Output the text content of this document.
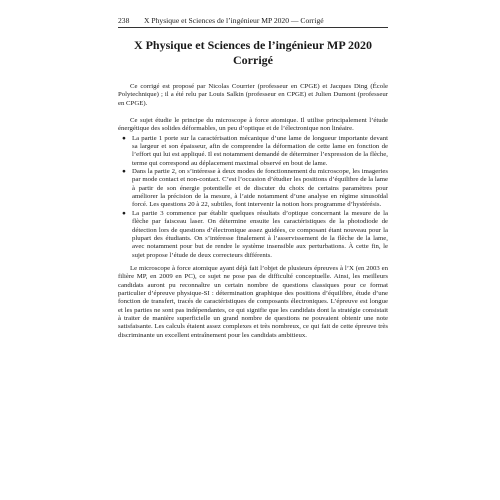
238 X Physique et Sciences de l’ingénieur MP 2020 — Corrigé
X Physique et Sciences de l’ingénieur MP 2020
Corrigé

Ce corrigé est proposé par Nicolas Courrier (professeur en CPGE) et Jacques Ding (École Polytechnique) ; il a été relu par Louis Salkin (professeur en CPGE) et Julien Dumont (professeur en CPGE).

Ce sujet étudie le principe du microscope à force atomique. Il utilise principalement l’étude énergétique des solides déformables, un peu d’optique et de l’électronique non linéaire.

● La partie 1 porte sur la caractérisation mécanique d’une lame de longueur importante devant sa largeur et son épaisseur, afin de comprendre la déformation de cette lame en fonction de l’effort qui lui est appliqué. Il est notamment demandé de déterminer l’expression de la flèche, terme qui correspond au déplacement maximal observé en bout de lame.
● Dans la partie 2, on s’intéresse à deux modes de fonctionnement du microscope, les imageries par mode contact et non-contact. C’est l’occasion d’étudier les positions d’équilibre de la lame à partir de son énergie potentielle et de discuter du choix de certains paramètres pour améliorer la précision de la mesure, à l’aide notamment d’une analyse en régime sinusoïdal forcé. Les questions 20 à 22, subtiles, font intervenir la notion hors programme d’hystérésis.
● La partie 3 commence par établir quelques résultats d’optique concernant la mesure de la flèche par faisceau laser. On détermine ensuite les caractéristiques de la photodiode de détection lors de questions d’électronique assez guidées, ce composant étant nouveau pour la plupart des étudiants. On s’intéresse finalement à l’asservissement de la flèche de la lame, avec notamment pour but de rendre le système insensible aux perturbations. À cette fin, le sujet propose l’étude de deux correcteurs différents.

Le microscope à force atomique ayant déjà fait l’objet de plusieurs épreuves à l’X (en 2003 en filière MP, en 2009 en PC), ce sujet ne pose pas de difficulté conceptuelle. Ainsi, les meilleurs candidats auront pu reconnaître un certain nombre de questions classiques pour ce format particulier d’épreuve physique-SI : détermination graphique des positions d’équilibre, étude d’une fonction de transfert, tracés de caractéristiques de composants électroniques. L’épreuve est longue et les parties ne sont pas indépendantes, ce qui signifie que les candidats dont la stratégie consistait à traiter de manière superficielle un grand nombre de questions ne pouvaient obtenir une note satisfaisante. Les calculs étaient assez complexes et très nombreux, ce qui fait de cette épreuve très discriminante un excellent entraînement pour les candidats ambitieux.
